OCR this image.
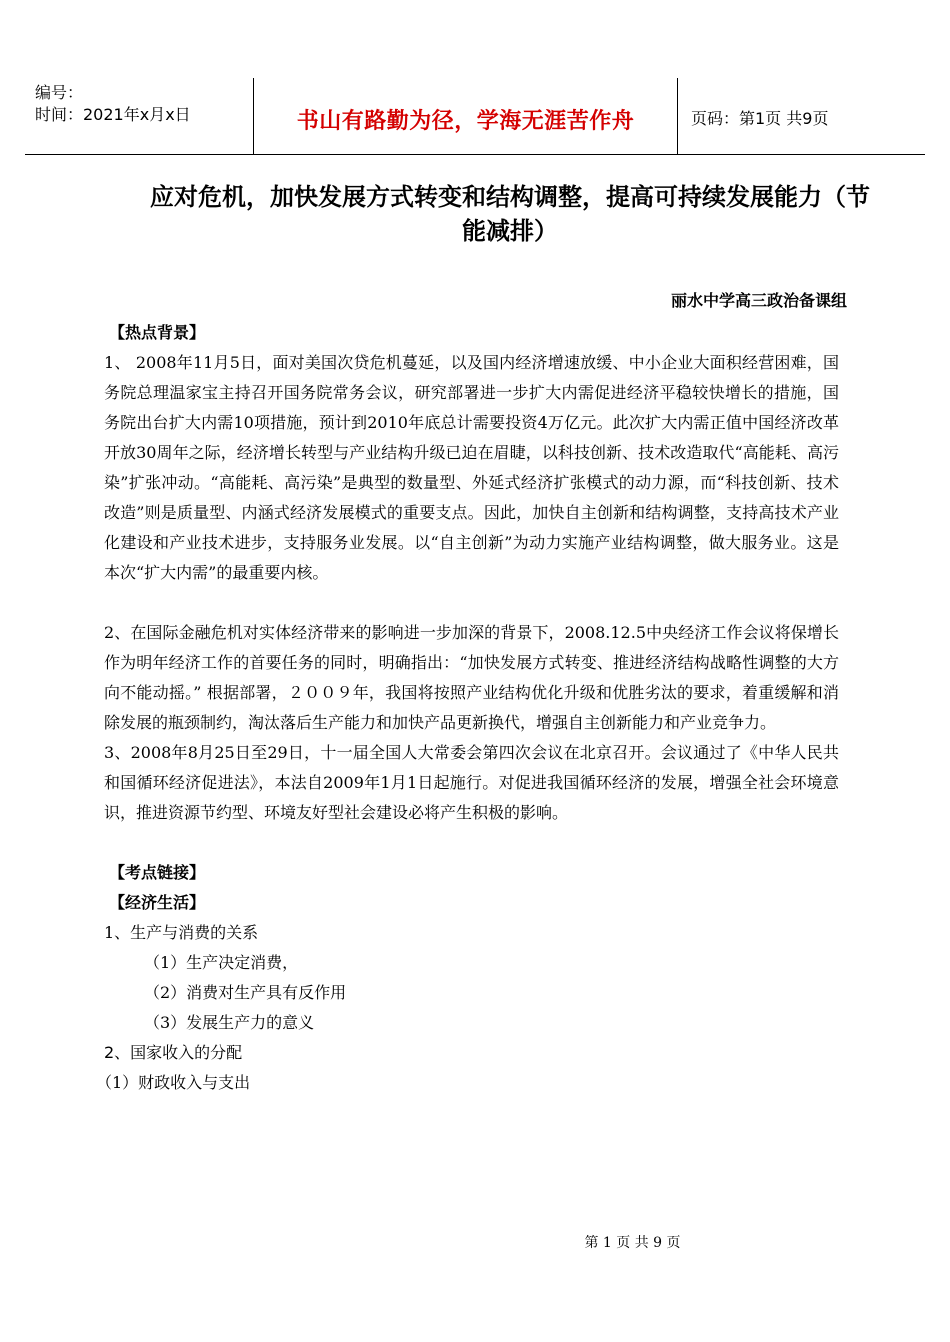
编号：
时间：2021年x月x日	书山有路勤为径，学海无涯苦作舟	页码：第1页 共9页
应对危机，加快发展方式转变和结构调整，提高可持续发展能力（节能减排）
丽水中学高三政治备课组
【热点背景】

1、 2008年11月5日，面对美国次贷危机蔓延，以及国内经济增速放缓、中小企业大面积经营困难，国务院总理温家宝主持召开国务院常务会议，研究部署进一步扩大内需促进经济平稳较快增长的措施，国务院出台扩大内需10项措施，预计到2010年底总计需要投资4万亿元。此次扩大内需正值中国经济改革开放30周年之际，经济增长转型与产业结构升级已迫在眉睫，以科技创新、技术改造取代“高能耗、高污染”扩张冲动。“高能耗、高污染”是典型的数量型、外延式经济扩张模式的动力源，而“科技创新、技术改造”则是质量型、内涵式经济发展模式的重要支点。因此，加快自主创新和结构调整，支持高技术产业化建设和产业技术进步，支持服务业发展。以“自主创新”为动力实施产业结构调整，做大服务业。这是本次“扩大内需”的最重要内核。

2、在国际金融危机对实体经济带来的影响进一步加深的背景下，2008.12.5中央经济工作会议将保增长作为明年经济工作的首要任务的同时，明确指出：“加快发展方式转变、推进经济结构战略性调整的大方向不能动摇。” 根据部署，２００９年，我国将按照产业结构优化升级和优胜劣汰的要求，着重缓解和消除发展的瓶颈制约，淘汰落后生产能力和加快产品更新换代，增强自主创新能力和产业竞争力。

3、2008年8月25日至29日，十一届全国人大常委会第四次会议在北京召开。会议通过了《中华人民共和国循环经济促进法》，本法自2009年1月1日起施行。对促进我国循环经济的发展，增强全社会环境意识，推进资源节约型、环境友好型社会建设必将产生积极的影响。

【考点链接】
【经济生活】
1、生产与消费的关系
（1）生产决定消费，
（2）消费对生产具有反作用
（3）发展生产力的意义
2、国家收入的分配
（1）财政收入与支出
第 1 页 共 9 页
